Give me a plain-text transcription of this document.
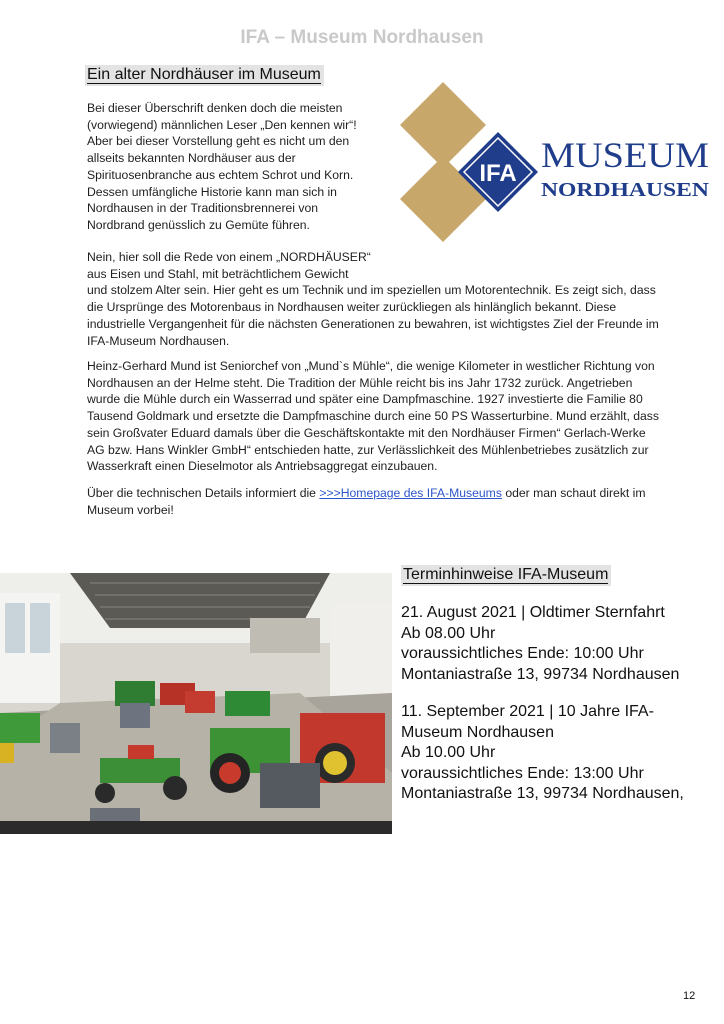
IFA – Museum Nordhausen
Ein alter Nordhäuser im Museum

Bei dieser Überschrift denken doch die meisten

(vorwiegend) männlichen Leser „Den kennen wir“!

Aber bei dieser Vorstellung geht es nicht um den

allseits bekannten Nordhäuser aus der

Spirituosenbranche aus echtem Schrot und Korn.

Dessen umfängliche Historie kann man sich in

Nordhausen in der Traditionsbrennerei von

Nordbrand genüsslich zu Gemüte führen.

IFA MUSEUM
NORDHAUSEN

Nein, hier soll die Rede von einem „NORDHÄUSER“

aus Eisen und Stahl, mit beträchtlichem Gewicht

und stolzem Alter sein. Hier geht es um Technik und im speziellen um Motorentechnik. Es zeigt sich, dass

die Ursprünge des Motorenbaus in Nordhausen weiter zurückliegen als hinlänglich bekannt. Diese

industrielle Vergangenheit für die nächsten Generationen zu bewahren, ist wichtigstes Ziel der Freunde im

IFA-Museum Nordhausen.

Heinz-Gerhard Mund ist Seniorchef von „Mund`s Mühle“, die wenige Kilometer in westlicher Richtung von

Nordhausen an der Helme steht. Die Tradition der Mühle reicht bis ins Jahr 1732 zurück. Angetrieben

wurde die Mühle durch ein Wasserrad und später eine Dampfmaschine. 1927 investierte die Familie 80

Tausend Goldmark und ersetzte die Dampfmaschine durch eine 50 PS Wasserturbine. Mund erzählt, dass

sein Großvater Eduard damals über die Geschäftskontakte mit den Nordhäuser Firmen“ Gerlach-Werke

AG bzw. Hans Winkler GmbH“ entschieden hatte, zur Verlässlichkeit des Mühlenbetriebes zusätzlich zur

Wasserkraft einen Dieselmotor als Antriebsaggregat einzubauen.

Über die technischen Details informiert die >>>Homepage des IFA-Museums oder man schaut direkt im

Museum vorbei!

Terminhinweise IFA-Museum
21. August 2021 | Oldtimer Sternfahrt
Ab 08.00 Uhr
voraussichtliches Ende: 10:00 Uhr
Montaniastraße 13, 99734 Nordhausen
11. September 2021 | 10 Jahre IFA-
Museum Nordhausen
Ab 10.00 Uhr
voraussichtliches Ende: 13:00 Uhr
Montaniastraße 13, 99734 Nordhausen,
12
